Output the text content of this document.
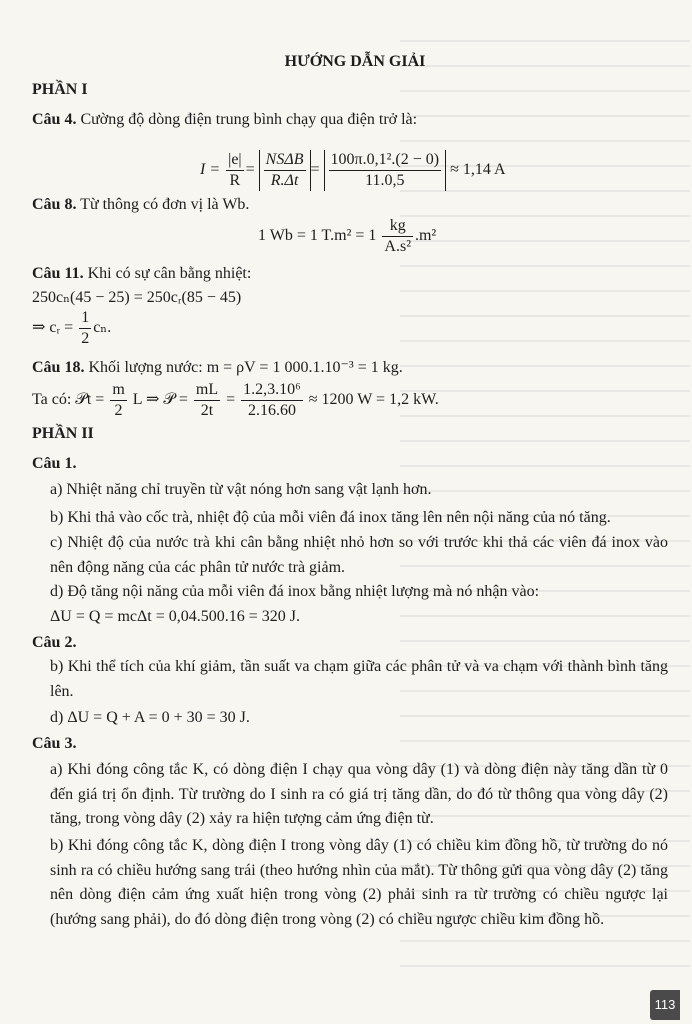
HƯỚNG DẪN GIẢI
PHẦN I
Câu 4. Cường độ dòng điện trung bình chạy qua điện trở là:
$I = \frac{|e|}{R} = \frac{\text{NSΔB}}{R.\Delta t} = \frac{\text{100π.0,1².(2 − 0)}}{11.0,5} \approx 1,14$ A
Câu 8. Từ thông có đơn vị là Wb.
1 Wb = 1 $T.m^2 = 1 \frac{kg}{\text{A.s²}} .m^2$
Câu 11. Khi có sự cân bằng nhiệt:
250cₙ(45 − 25) = 250cᵣ(85 − 45)
⇒ cᵣ = $\frac{1}{2} c_n$.
Câu 18. Khối lượng nước: m = ρV = 1 000.1.10⁻³ = 1 kg.
Ta có: 𝒫t = $\frac{m}{2}$ L ⇒ 𝒫 = $\frac{mL}{2t} = \frac{\text{1.2,3.10⁶}}{2.16.60} \approx 1200$ W = 1,2 kW.
PHẦN II
Câu 1.
a) Nhiệt năng chỉ truyền từ vật nóng hơn sang vật lạnh hơn.
b) Khi thả vào cốc trà, nhiệt độ của mỗi viên đá inox tăng lên nên nội năng của nó tăng.
c) Nhiệt độ của nước trà khi cân bằng nhiệt nhỏ hơn so với trước khi thả các viên đá inox vào nên động năng của các phân tử nước trà giảm.
d) Độ tăng nội năng của mỗi viên đá inox bằng nhiệt lượng mà nó nhận vào:
ΔU = Q = mcΔt = 0,04.500.16 = 320 J.
Câu 2.
b) Khi thể tích của khí giảm, tần suất va chạm giữa các phân tử và va chạm với thành bình tăng lên.
d) ΔU = Q + A = 0 + 30 = 30 J.
Câu 3.
a) Khi đóng công tắc K, có dòng điện I chạy qua vòng dây (1) và dòng điện này tăng dần từ 0 đến giá trị ổn định. Từ trường do I sinh ra có giá trị tăng dần, do đó từ thông qua vòng dây (2) tăng, trong vòng dây (2) xảy ra hiện tượng cảm ứng điện từ.
b) Khi đóng công tắc K, dòng điện I trong vòng dây (1) có chiều kim đồng hồ, từ trường do nó sinh ra có chiều hướng sang trái (theo hướng nhìn của mắt). Từ thông gửi qua vòng dây (2) tăng nên dòng điện cảm ứng xuất hiện trong vòng (2) phải sinh ra từ trường có chiều ngược lại (hướng sang phải), do đó dòng điện trong vòng (2) có chiều ngược chiều kim đồng hồ.
113
